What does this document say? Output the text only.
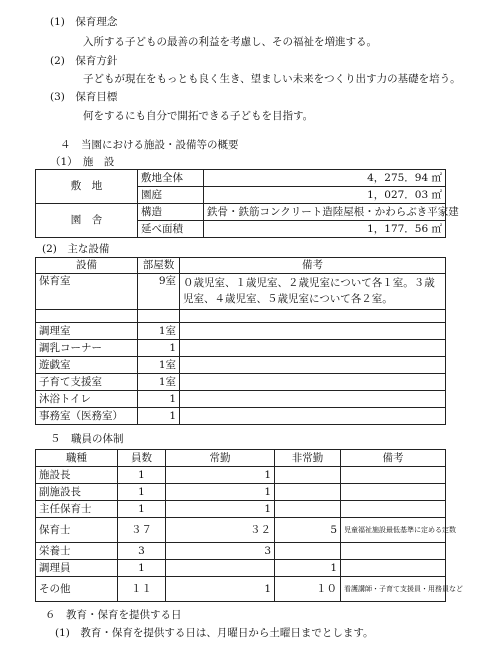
(1)　保育理念
入所する子どもの最善の利益を考慮し、その福祉を増進する。
(2)　保育方針
子どもが現在をもっとも良く生き、望ましい未来をつくり出す力の基礎を培う。
(3)　保育目標
何をするにも自分で開拓できる子どもを目指す。
４　当園における施設・設備等の概要
（1）　施　設
敷　地	敷地全体	4，275．94 ㎡
	園庭	1，027．03 ㎡
園　舎	構造	鉄骨・鉄筋コンクリート造陸屋根・かわらぶき平家建
	延べ面積	1，177．56 ㎡
(2)　主な設備
設備	部屋数	備考
保育室	9室	０歳児室、１歳児室、２歳児室について各１室。３歳児室、４歳児室、５歳児室について各２室。

調理室	1室	
調乳コーナー	1	
遊戯室	1室	
子育て支援室	1室	
沐浴トイレ	1	
事務室（医務室）	1	
５　職員の体制
職種	員数	常勤	非常勤	備考
施設長	1	1		
副施設長	1	1		
主任保育士	1	1		
保育士	３７	３２	5	児童福祉施設最低基準に定める定数
栄養士	3	3		
調理員	1		1	
その他	１１	1	１０	看護講師・子育て支援員・用務員など
６　教育・保育を提供する日
(1)　教育・保育を提供する日は、月曜日から土曜日までとします。
